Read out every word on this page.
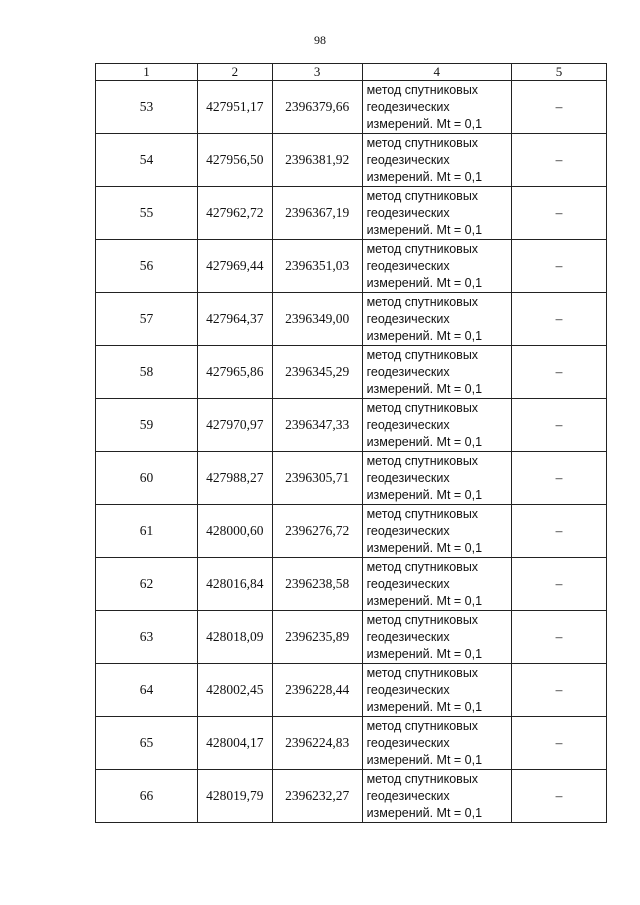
98
1	2	3	4	5
53	427951,17	2396379,66	метод спутниковых
геодезических
измерений. Mt = 0,1	–
54	427956,50	2396381,92	метод спутниковых
геодезических
измерений. Mt = 0,1	–
55	427962,72	2396367,19	метод спутниковых
геодезических
измерений. Mt = 0,1	–
56	427969,44	2396351,03	метод спутниковых
геодезических
измерений. Mt = 0,1	–
57	427964,37	2396349,00	метод спутниковых
геодезических
измерений. Mt = 0,1	–
58	427965,86	2396345,29	метод спутниковых
геодезических
измерений. Mt = 0,1	–
59	427970,97	2396347,33	метод спутниковых
геодезических
измерений. Mt = 0,1	–
60	427988,27	2396305,71	метод спутниковых
геодезических
измерений. Mt = 0,1	–
61	428000,60	2396276,72	метод спутниковых
геодезических
измерений. Mt = 0,1	–
62	428016,84	2396238,58	метод спутниковых
геодезических
измерений. Mt = 0,1	–
63	428018,09	2396235,89	метод спутниковых
геодезических
измерений. Mt = 0,1	–
64	428002,45	2396228,44	метод спутниковых
геодезических
измерений. Mt = 0,1	–
65	428004,17	2396224,83	метод спутниковых
геодезических
измерений. Mt = 0,1	–
66	428019,79	2396232,27	метод спутниковых
геодезических
измерений. Mt = 0,1	–
